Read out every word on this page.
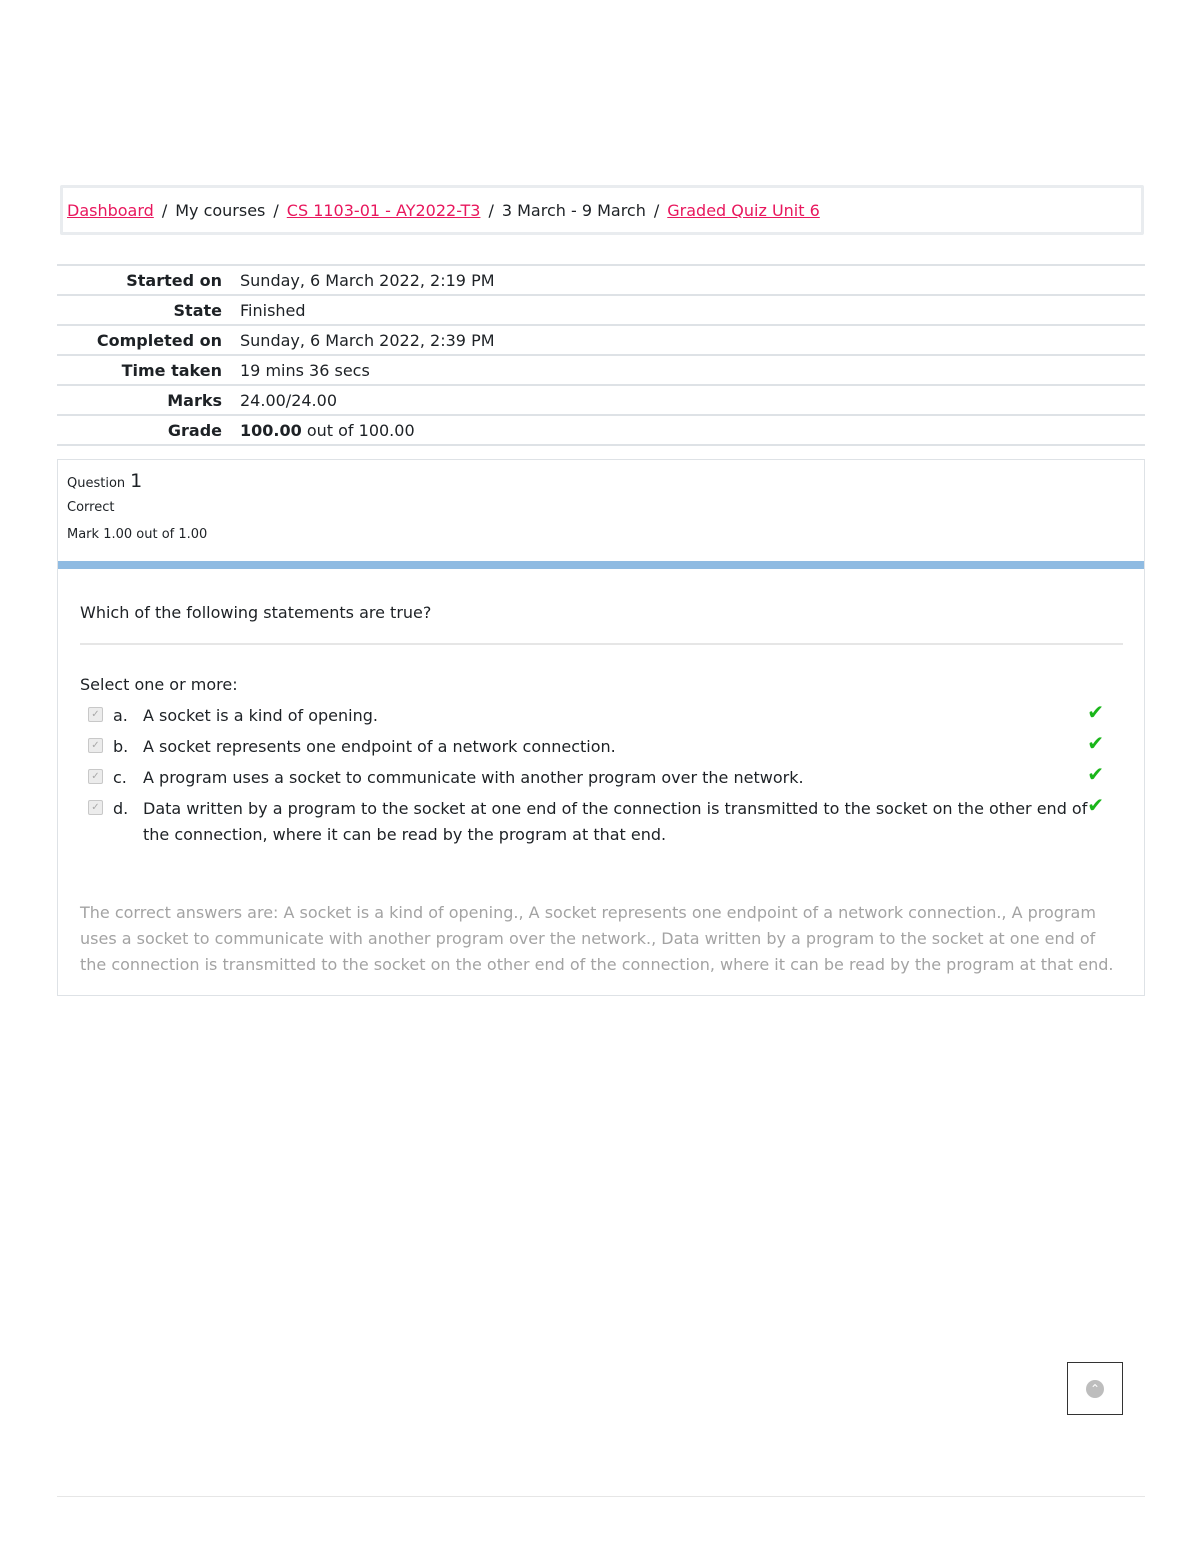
Dashboard / My courses / CS 1103-01 - AY2022-T3 / 3 March - 9 March / Graded Quiz Unit 6
Started on	Sunday, 6 March 2022, 2:19 PM
State	Finished
Completed on	Sunday, 6 March 2022, 2:39 PM
Time taken	19 mins 36 secs
Marks	24.00/24.00
Grade	100.00 out of 100.00
Question 1
Correct
Mark 1.00 out of 1.00
Which of the following statements are true?
Select one or more:
✓ a. A socket is a kind of opening.	✔
✓ b. A socket represents one endpoint of a network connection.	✔
✓ c.	A program uses a socket to communicate with another program over the network.	✔
✓ d. Data written by a program to the socket at one end of the connection is transmitted to the socket on the other end of the connection, where it can be read by the program at that end.
✔
The correct answers are: A socket is a kind of opening., A socket represents one endpoint of a network connection., A program uses a socket to communicate with another program over the network., Data written by a program to the socket at one end of the connection is transmitted to the socket on the other end of the connection, where it can be read by the program at that end.
⌃
